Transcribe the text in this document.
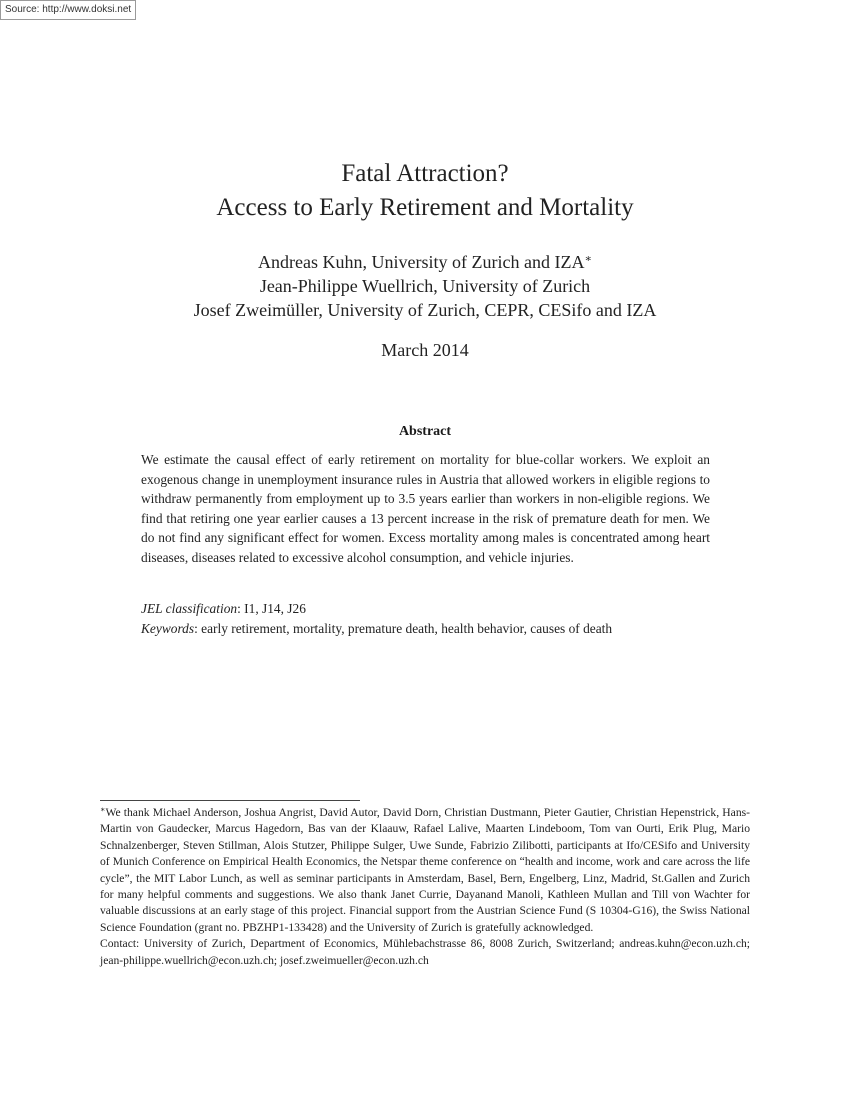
Source: http://www.doksi.net
Fatal Attraction?
Access to Early Retirement and Mortality
Andreas Kuhn, University of Zurich and IZA∗
Jean-Philippe Wuellrich, University of Zurich
Josef Zweimüller, University of Zurich, CEPR, CESifo and IZA
March 2014
Abstract

We estimate the causal effect of early retirement on mortality for blue-collar workers. We exploit an exogenous change in unemployment insurance rules in Austria that allowed workers in eligible regions to withdraw permanently from employment up to 3.5 years earlier than workers in non-eligible regions. We find that retiring one year earlier causes a 13 percent increase in the risk of premature death for men. We do not find any significant effect for women. Excess mortality among males is concentrated among heart diseases, diseases related to excessive alcohol consumption, and vehicle injuries.

JEL classification: I1, J14, J26

Keywords: early retirement, mortality, premature death, health behavior, causes of death

∗We thank Michael Anderson, Joshua Angrist, David Autor, David Dorn, Christian Dustmann, Pieter Gautier, Christian Hepenstrick, Hans-Martin von Gaudecker, Marcus Hagedorn, Bas van der Klaauw, Rafael Lalive, Maarten Lindeboom, Tom van Ourti, Erik Plug, Mario Schnalzenberger, Steven Stillman, Alois Stutzer, Philippe Sulger, Uwe Sunde, Fabrizio Zilibotti, participants at Ifo/CESifo and University of Munich Conference on Empirical Health Economics, the Netspar theme conference on “health and income, work and care across the life cycle”, the MIT Labor Lunch, as well as seminar participants in Amsterdam, Basel, Bern, Engelberg, Linz, Madrid, St.Gallen and Zurich for many helpful comments and suggestions. We also thank Janet Currie, Dayanand Manoli, Kathleen Mullan and Till von Wachter for valuable discussions at an early stage of this project. Financial support from the Austrian Science Fund (S 10304-G16), the Swiss National Science Foundation (grant no. PBZHP1-133428) and the University of Zurich is gratefully acknowledged.
Contact: University of Zurich, Department of Economics, Mühlebachstrasse 86, 8008 Zurich, Switzerland; andreas.kuhn@econ.uzh.ch; jean-philippe.wuellrich@econ.uzh.ch; josef.zweimueller@econ.uzh.ch
